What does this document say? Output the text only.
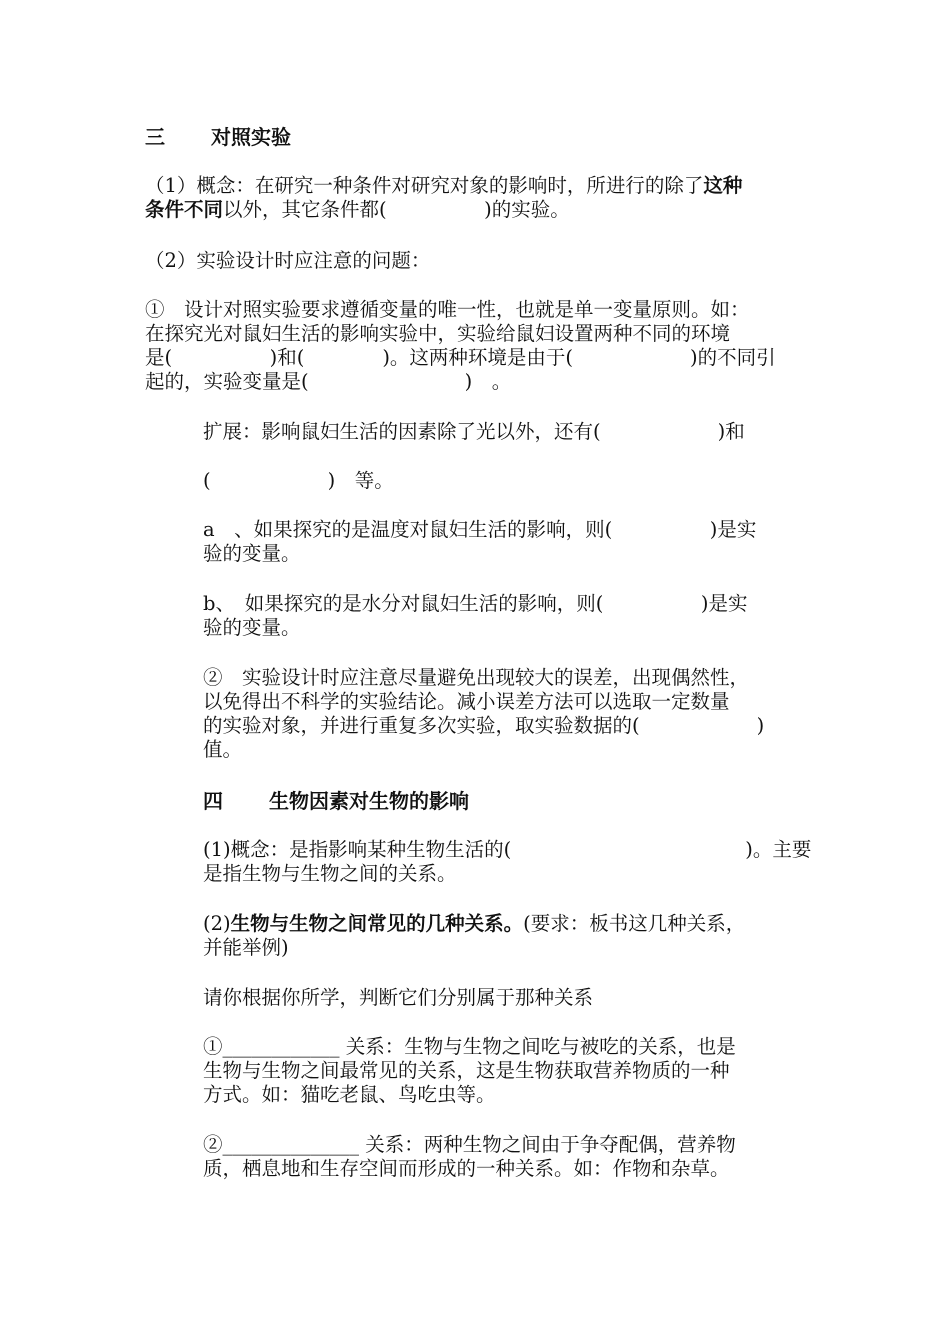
三 对照实验
（1）概念：在研究一种条件对研究对象的影响时，所进行的除了这种
条件不同以外，其它条件都(　　　　　)的实验。
（2）实验设计时应注意的问题：
①　设计对照实验要求遵循变量的唯一性，也就是单一变量原则。如：
在探究光对鼠妇生活的影响实验中，实验给鼠妇设置两种不同的环境
是(　　　　　)和(　　　　)。这两种环境是由于(　　　　　　)的不同引
起的，实验变量是(　　　　　　　　)　。
扩展：影响鼠妇生活的因素除了光以外，还有(　　　　　　)和
(　　　　　　)　等。
a　、如果探究的是温度对鼠妇生活的影响，则(　　　　　)是实
验的变量。
b、　如果探究的是水分对鼠妇生活的影响，则(　　　　　)是实
验的变量。
②　实验设计时应注意尽量避免出现较大的误差，出现偶然性，
以免得出不科学的实验结论。减小误差方法可以选取一定数量
的实验对象，并进行重复多次实验，取实验数据的(　　　　　　)
值。
四 生物因素对生物的影响
(1)概念：是指影响某种生物生活的(　　　　　　　　　　　　)。主要
是指生物与生物之间的关系。
(2)生物与生物之间常见的几种关系。(要求：板书这几种关系，
并能举例)
请你根据你所学，判断它们分别属于那种关系
①____________ 关系：生物与生物之间吃与被吃的关系，也是
生物与生物之间最常见的关系，这是生物获取营养物质的一种
方式。如：猫吃老鼠、鸟吃虫等。
②______________ 关系：两种生物之间由于争夺配偶，营养物
质，栖息地和生存空间而形成的一种关系。如：作物和杂草。
